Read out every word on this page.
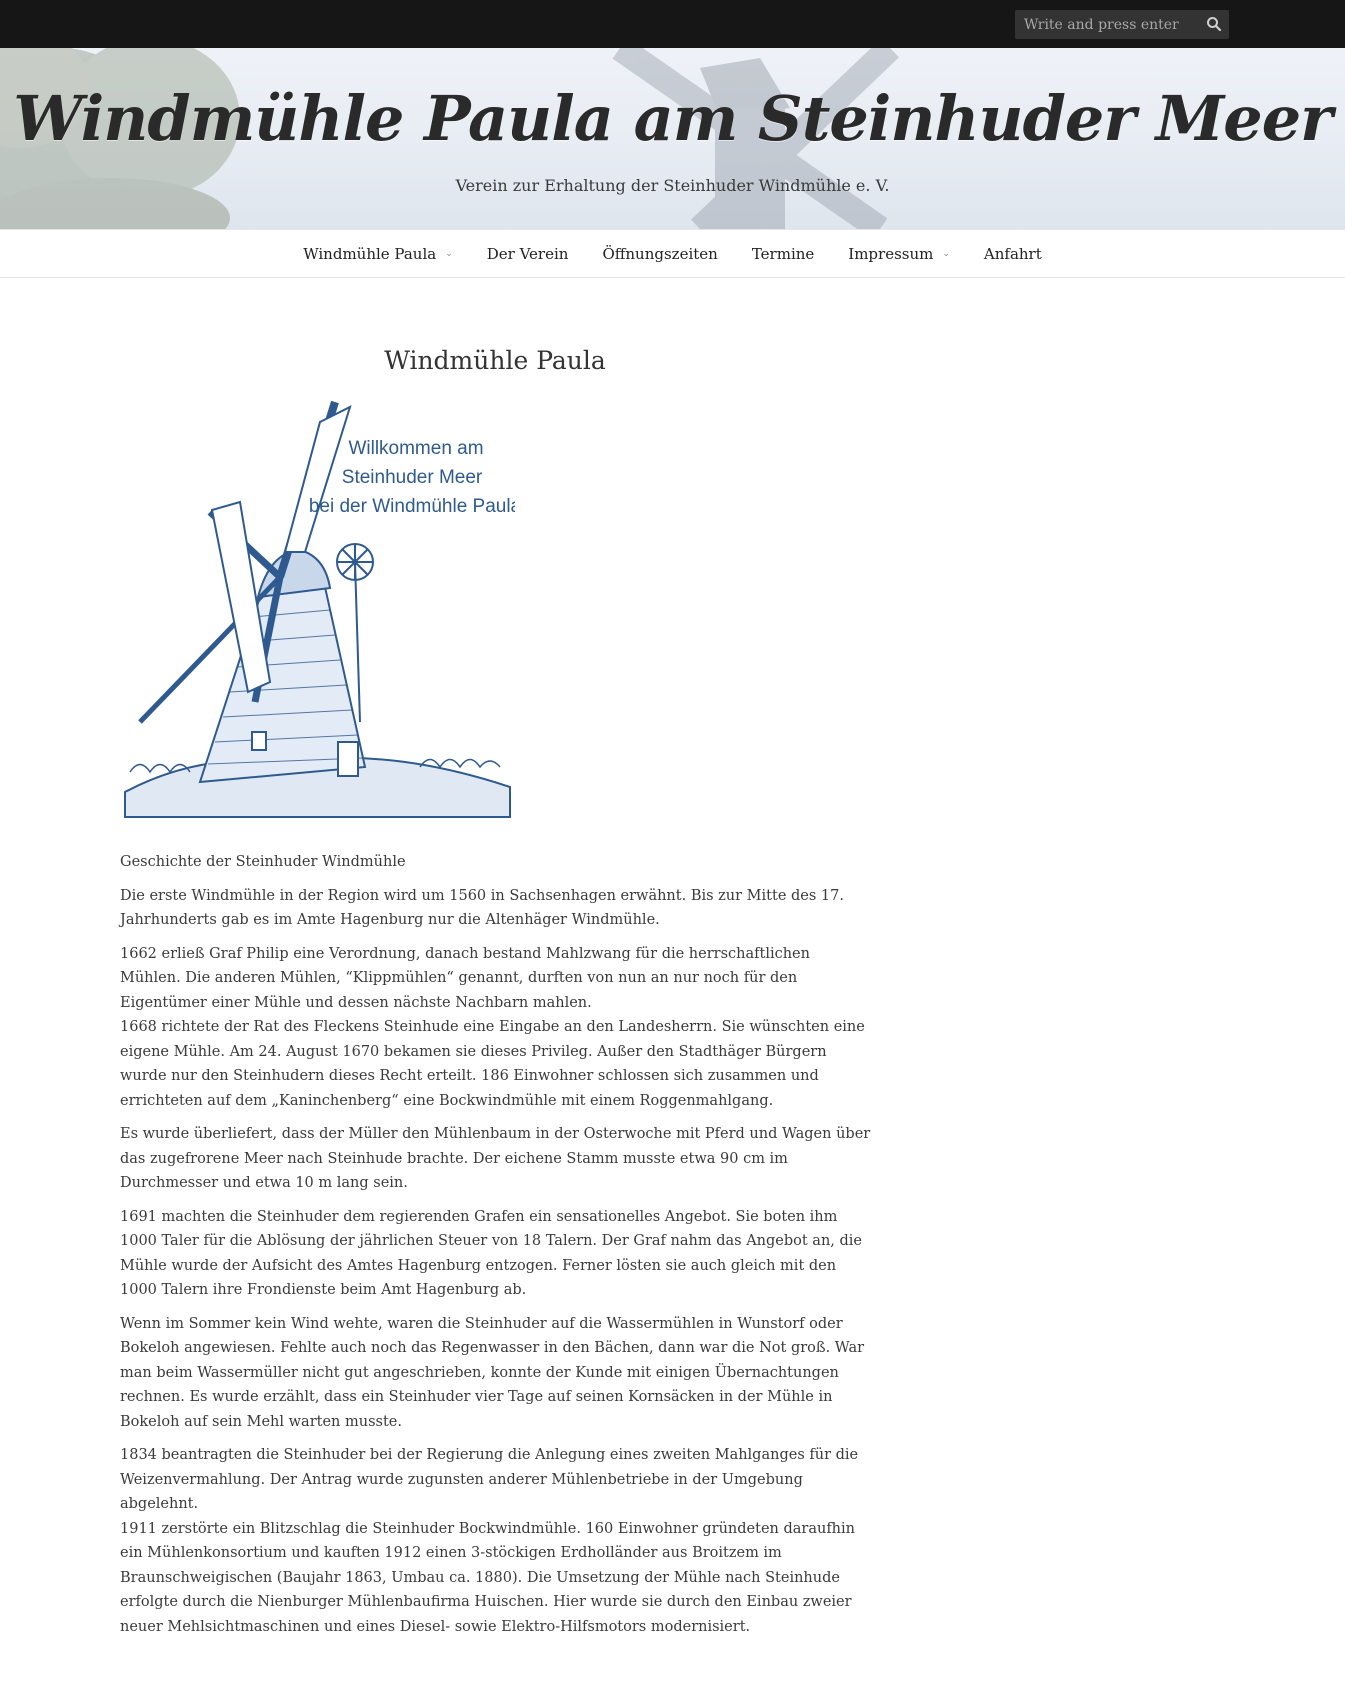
Write and press enter
Windmühle Paula am Steinhuder Meer
Verein zur Erhaltung der Steinhuder Windmühle e. V.
Windmühle Paula ⌄ Der Verein Öffnungszeiten Termine Impressum ⌄ Anfahrt
Windmühle Paula
Willkommen am
Steinhuder Meer
bei der Windmühle Paula

Geschichte der Steinhuder Windmühle

Die erste Windmühle in der Region wird um 1560 in Sachsenhagen erwähnt. Bis zur Mitte des 17. Jahrhunderts gab es im Amte Hagenburg nur die Altenhäger Windmühle.

1662 erließ Graf Philip eine Verordnung, danach bestand Mahlzwang für die herrschaftlichen Mühlen. Die anderen Mühlen, “Klippmühlen“ genannt, durften von nun an nur noch für den Eigentümer einer Mühle und dessen nächste Nachbarn mahlen.

1668 richtete der Rat des Fleckens Steinhude eine Eingabe an den Landesherrn. Sie wünschten eine eigene Mühle. Am 24. August 1670 bekamen sie dieses Privileg. Außer den Stadthäger Bürgern wurde nur den Steinhudern dieses Recht erteilt. 186 Einwohner schlossen sich zusammen und errichteten auf dem „Kaninchenberg“ eine Bockwindmühle mit einem Roggenmahlgang.

Es wurde überliefert, dass der Müller den Mühlenbaum in der Osterwoche mit Pferd und Wagen über das zugefrorene Meer nach Steinhude brachte. Der eichene Stamm musste etwa 90 cm im Durchmesser und etwa 10 m lang sein.

1691 machten die Steinhuder dem regierenden Grafen ein sensationelles Angebot. Sie boten ihm 1000 Taler für die Ablösung der jährlichen Steuer von 18 Talern. Der Graf nahm das Angebot an, die Mühle wurde der Aufsicht des Amtes Hagenburg entzogen. Ferner lösten sie auch gleich mit den 1000 Talern ihre Frondienste beim Amt Hagenburg ab.

Wenn im Sommer kein Wind wehte, waren die Steinhuder auf die Wassermühlen in Wunstorf oder Bokeloh angewiesen. Fehlte auch noch das Regenwasser in den Bächen, dann war die Not groß. War man beim Wassermüller nicht gut angeschrieben, konnte der Kunde mit einigen Übernachtungen rechnen. Es wurde erzählt, dass ein Steinhuder vier Tage auf seinen Kornsäcken in der Mühle in Bokeloh auf sein Mehl warten musste.

1834 beantragten die Steinhuder bei der Regierung die Anlegung eines zweiten Mahlganges für die Weizenvermahlung. Der Antrag wurde zugunsten anderer Mühlenbetriebe in der Umgebung abgelehnt.

1911 zerstörte ein Blitzschlag die Steinhuder Bockwindmühle. 160 Einwohner gründeten daraufhin ein Mühlenkonsortium und kauften 1912 einen 3-stöckigen Erdholländer aus Broitzem im Braunschweigischen (Baujahr 1863, Umbau ca. 1880). Die Umsetzung der Mühle nach Steinhude erfolgte durch die Nienburger Mühlenbaufirma Huischen. Hier wurde sie durch den Einbau zweier neuer Mehlsichtmaschinen und eines Diesel- sowie Elektro-Hilfsmotors modernisiert.
